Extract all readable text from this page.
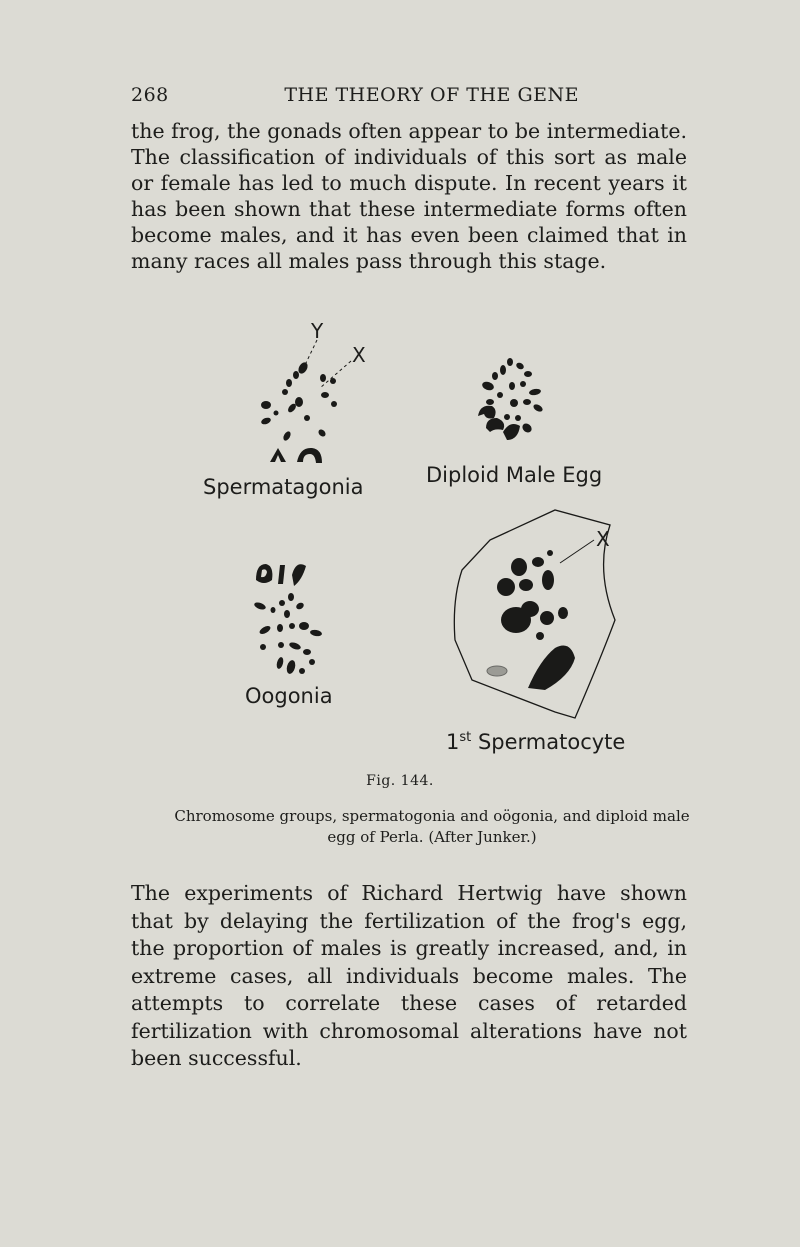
268	THE THEORY OF THE GENE

the frog, the gonads often appear to be intermediate. The classification of individuals of this sort as male or female has led to much dispute. In recent years it has been shown that these intermediate forms often become males, and it has even been claimed that in many races all males pass through this stage.

Y
X
Spermatagonia	Diploid Male Egg
Oogonia
X
1st Spermatocyte
Fig. 144.

Chromosome groups, spermatogonia and oögonia, and diploid male egg of Perla. (After Junker.)

The experiments of Richard Hertwig have shown that by delaying the fertilization of the frog's egg, the proportion of males is greatly increased, and, in extreme cases, all individuals become males. The attempts to correlate these cases of retarded fertilization with chromosomal alterations have not been successful.
